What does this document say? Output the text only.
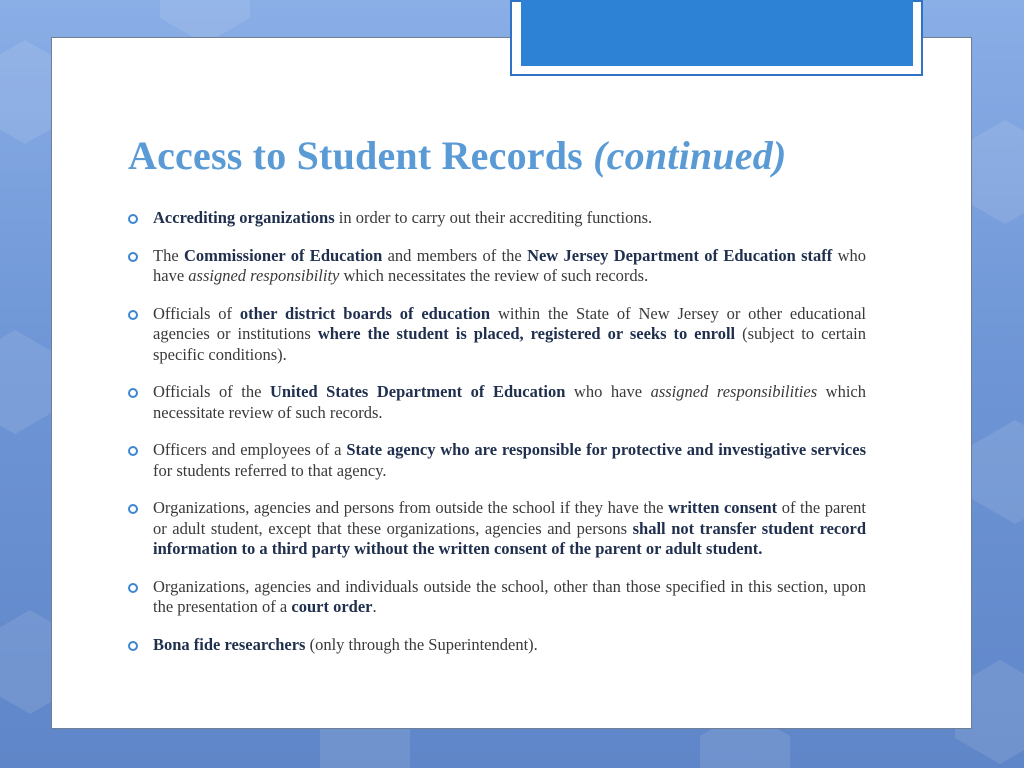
Access to Student Records (continued)
Accrediting organizations in order to carry out their accrediting functions.
The Commissioner of Education and members of the New Jersey Department of Education staff who have assigned responsibility which necessitates the review of such records.
Officials of other district boards of education within the State of New Jersey or other educational agencies or institutions where the student is placed, registered or seeks to enroll (subject to certain specific conditions).
Officials of the United States Department of Education who have assigned responsibilities which necessitate review of such records.
Officers and employees of a State agency who are responsible for protective and investigative services for students referred to that agency.
Organizations, agencies and persons from outside the school if they have the written consent of the parent or adult student, except that these organizations, agencies and persons shall not transfer student record information to a third party without the written consent of the parent or adult student.
Organizations, agencies and individuals outside the school, other than those specified in this section, upon the presentation of a court order.
Bona fide researchers (only through the Superintendent).
